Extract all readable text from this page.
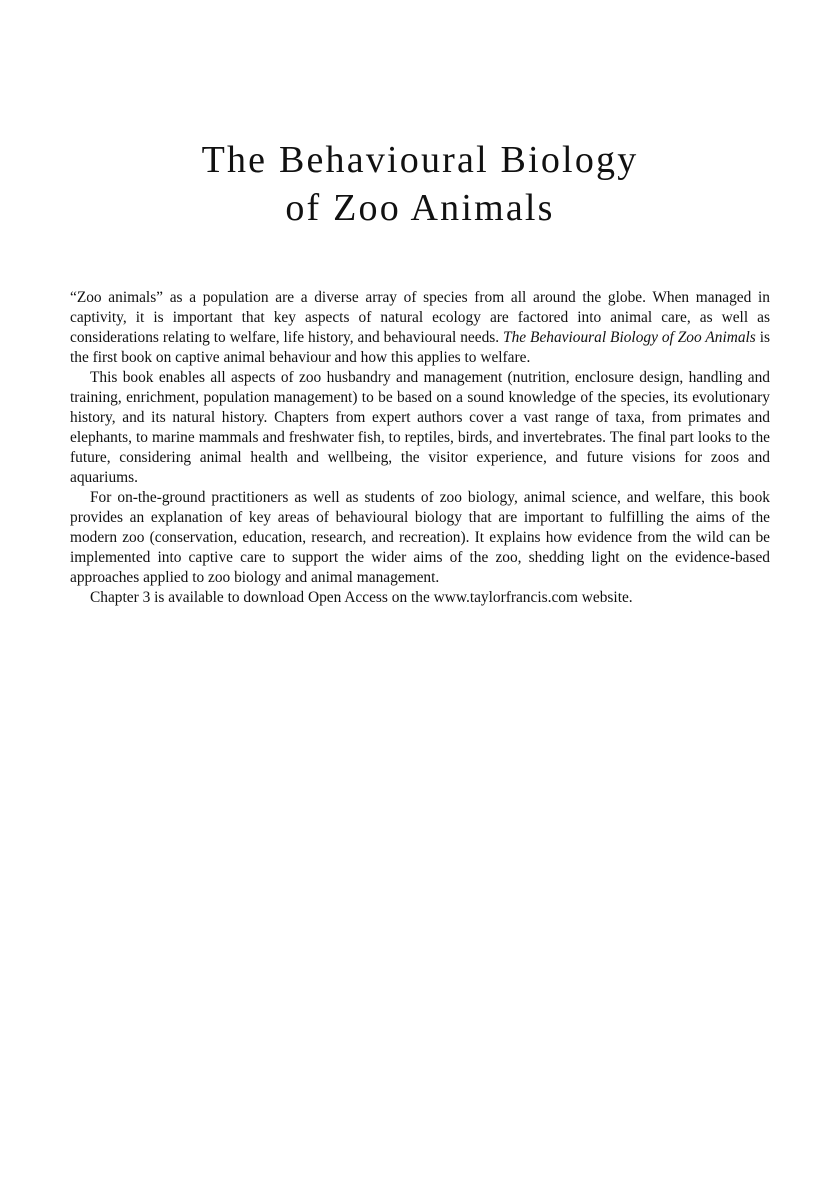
The Behavioural Biology
of Zoo Animals

“Zoo animals” as a population are a diverse array of species from all around the globe. When managed in captivity, it is important that key aspects of natural ecology are factored into animal care, as well as considerations relating to welfare, life history, and behavioural needs. The Behavioural Biology of Zoo Animals is the first book on captive animal behaviour and how this applies to welfare.

This book enables all aspects of zoo husbandry and management (nutrition, enclosure design, handling and training, enrichment, population management) to be based on a sound knowledge of the species, its evolutionary history, and its natural history. Chapters from expert authors cover a vast range of taxa, from primates and elephants, to marine mammals and freshwater fish, to reptiles, birds, and invertebrates. The final part looks to the future, considering animal health and wellbeing, the visitor experience, and future visions for zoos and aquariums.

For on-the-ground practitioners as well as students of zoo biology, animal science, and welfare, this book provides an explanation of key areas of behavioural biology that are important to fulfilling the aims of the modern zoo (conservation, education, research, and recreation). It explains how evidence from the wild can be implemented into captive care to support the wider aims of the zoo, shedding light on the evidence-based approaches applied to zoo biology and animal management.

Chapter 3 is available to download Open Access on the www.taylorfrancis.com website.
